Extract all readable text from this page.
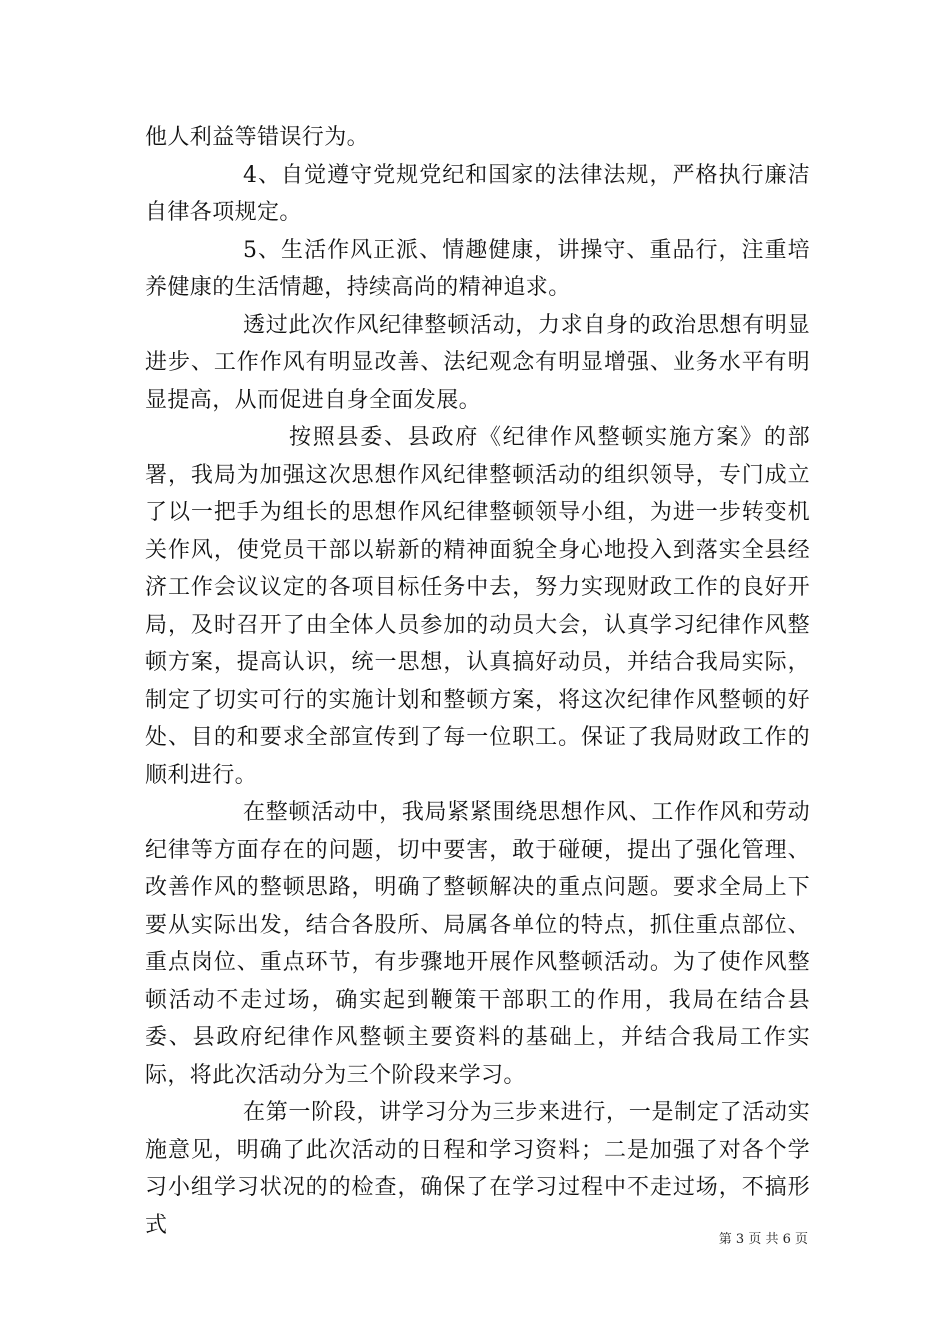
他人利益等错误行为。

4、自觉遵守党规党纪和国家的法律法规，严格执行廉洁自律各项规定。

5、生活作风正派、情趣健康，讲操守、重品行，注重培养健康的生活情趣，持续高尚的精神追求。

透过此次作风纪律整顿活动，力求自身的政治思想有明显进步、工作作风有明显改善、法纪观念有明显增强、业务水平有明显提高，从而促进自身全面发展。

按照县委、县政府《纪律作风整顿实施方案》的部署，我局为加强这次思想作风纪律整顿活动的组织领导，专门成立了以一把手为组长的思想作风纪律整顿领导小组，为进一步转变机关作风，使党员干部以崭新的精神面貌全身心地投入到落实全县经济工作会议议定的各项目标任务中去，努力实现财政工作的良好开局，及时召开了由全体人员参加的动员大会，认真学习纪律作风整顿方案，提高认识，统一思想，认真搞好动员，并结合我局实际，制定了切实可行的实施计划和整顿方案，将这次纪律作风整顿的好处、目的和要求全部宣传到了每一位职工。保证了我局财政工作的顺利进行。

在整顿活动中，我局紧紧围绕思想作风、工作作风和劳动纪律等方面存在的问题，切中要害，敢于碰硬，提出了强化管理、改善作风的整顿思路，明确了整顿解决的重点问题。要求全局上下要从实际出发，结合各股所、局属各单位的特点，抓住重点部位、重点岗位、重点环节，有步骤地开展作风整顿活动。为了使作风整顿活动不走过场，确实起到鞭策干部职工的作用，我局在结合县委、县政府纪律作风整顿主要资料的基础上，并结合我局工作实际，将此次活动分为三个阶段来学习。

在第一阶段，讲学习分为三步来进行，一是制定了活动实施意见，明确了此次活动的日程和学习资料；二是加强了对各个学习小组学习状况的的检查，确保了在学习过程中不走过场，不搞形式

第 3 页 共 6 页
